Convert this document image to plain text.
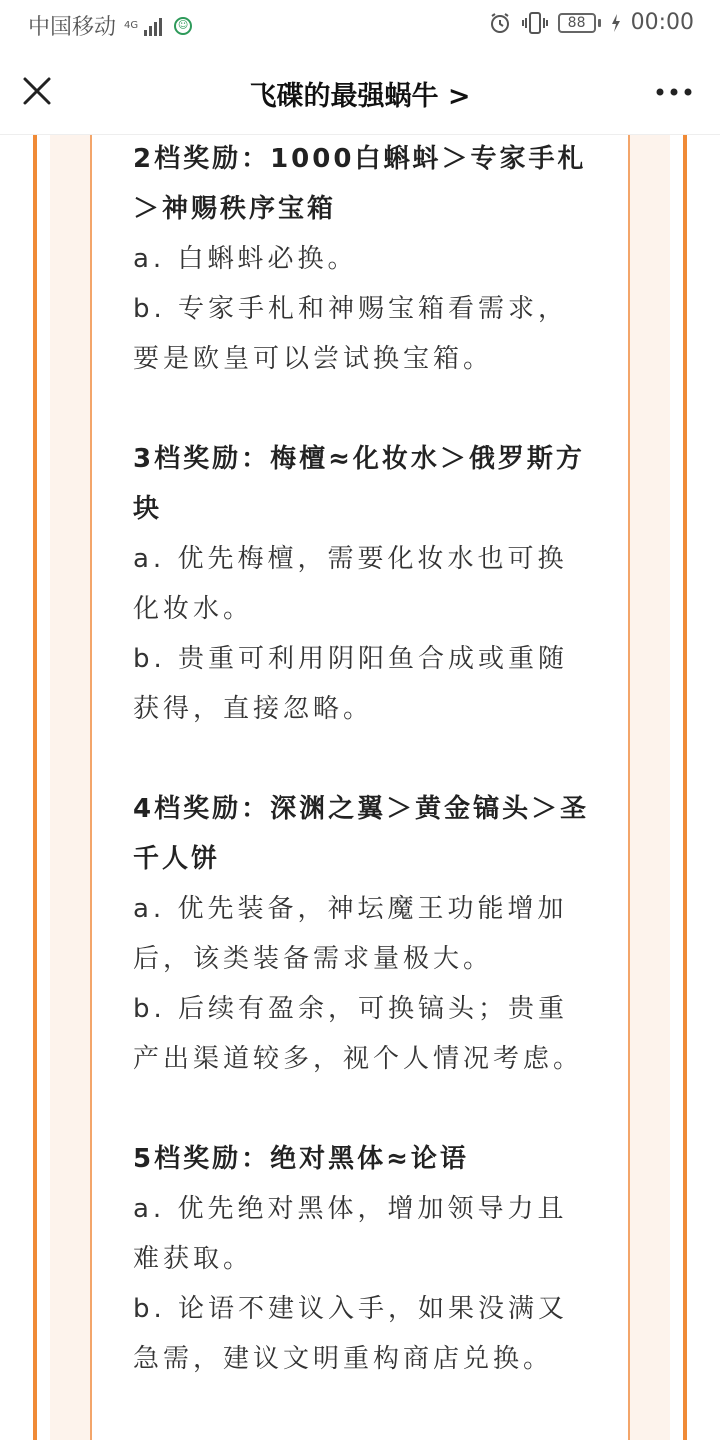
中国移动 4G	☺	88	00:00
飞碟的最强蜗牛 >

2档奖励：1000白蝌蚪＞专家手札＞神赐秩序宝箱

a. 白蝌蚪必换。

b. 专家手札和神赐宝箱看需求，要是欧皇可以尝试换宝箱。

3档奖励：梅檀≈化妆水＞俄罗斯方块

a. 优先梅檀，需要化妆水也可换化妆水。

b. 贵重可利用阴阳鱼合成或重随获得，直接忽略。

4档奖励：深渊之翼＞黄金镐头＞圣千人饼

a. 优先装备，神坛魔王功能增加后，该类装备需求量极大。

b. 后续有盈余，可换镐头；贵重产出渠道较多，视个人情况考虑。

5档奖励：绝对黑体≈论语

a. 优先绝对黑体，增加领导力且难获取。

b. 论语不建议入手，如果没满又急需，建议文明重构商店兑换。
